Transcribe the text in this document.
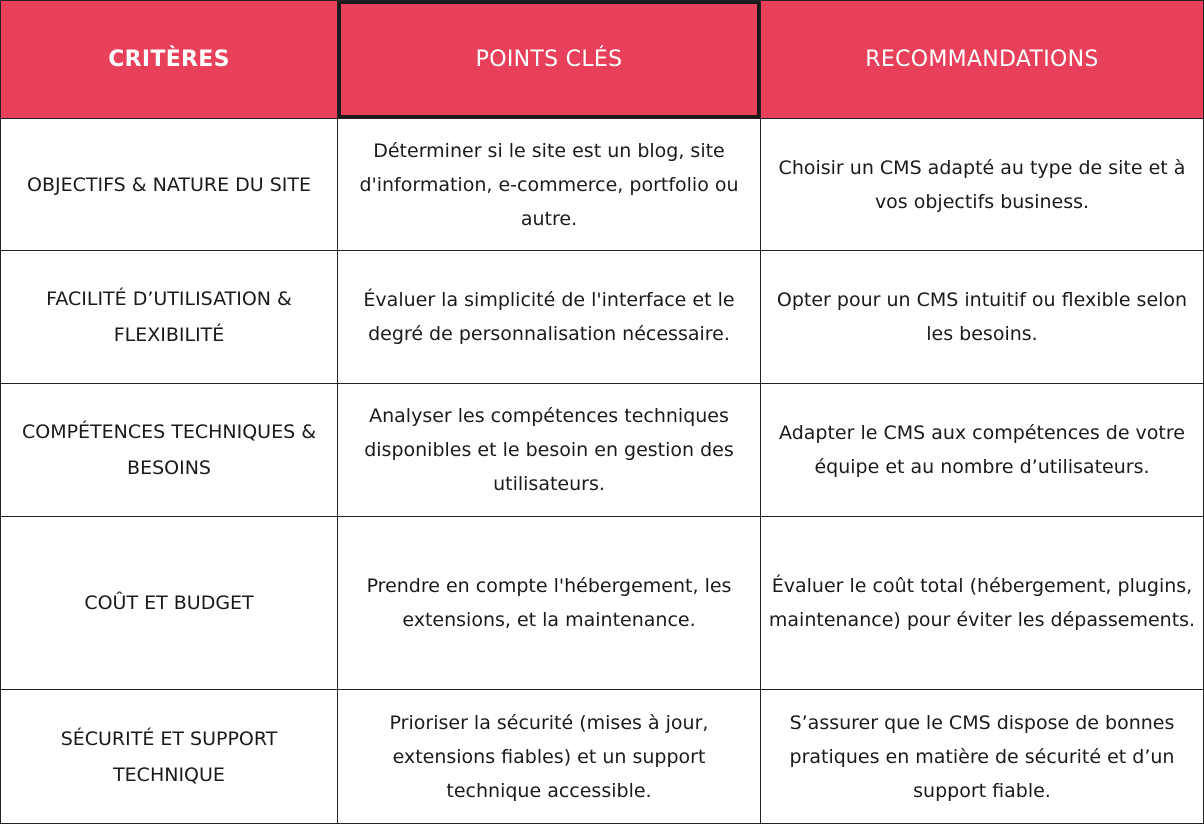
CRITÈRES	POINTS CLÉS	RECOMMANDATIONS
OBJECTIFS & NATURE DU SITE	Déterminer si le site est un blog, site d'information, e-commerce, portfolio ou autre.	Choisir un CMS adapté au type de site et à vos objectifs business.
FACILITÉ D’UTILISATION & FLEXIBILITÉ	Évaluer la simplicité de l'interface et le degré de personnalisation nécessaire.	Opter pour un CMS intuitif ou flexible selon les besoins.
COMPÉTENCES TECHNIQUES & BESOINS	Analyser les compétences techniques disponibles et le besoin en gestion des utilisateurs.	Adapter le CMS aux compétences de votre équipe et au nombre d’utilisateurs.
COÛT ET BUDGET	Prendre en compte l'hébergement, les extensions, et la maintenance.	Évaluer le coût total (hébergement, plugins, maintenance) pour éviter les dépassements.
SÉCURITÉ ET SUPPORT TECHNIQUE	Prioriser la sécurité (mises à jour, extensions fiables) et un support technique accessible.	S’assurer que le CMS dispose de bonnes pratiques en matière de sécurité et d’un support fiable.
